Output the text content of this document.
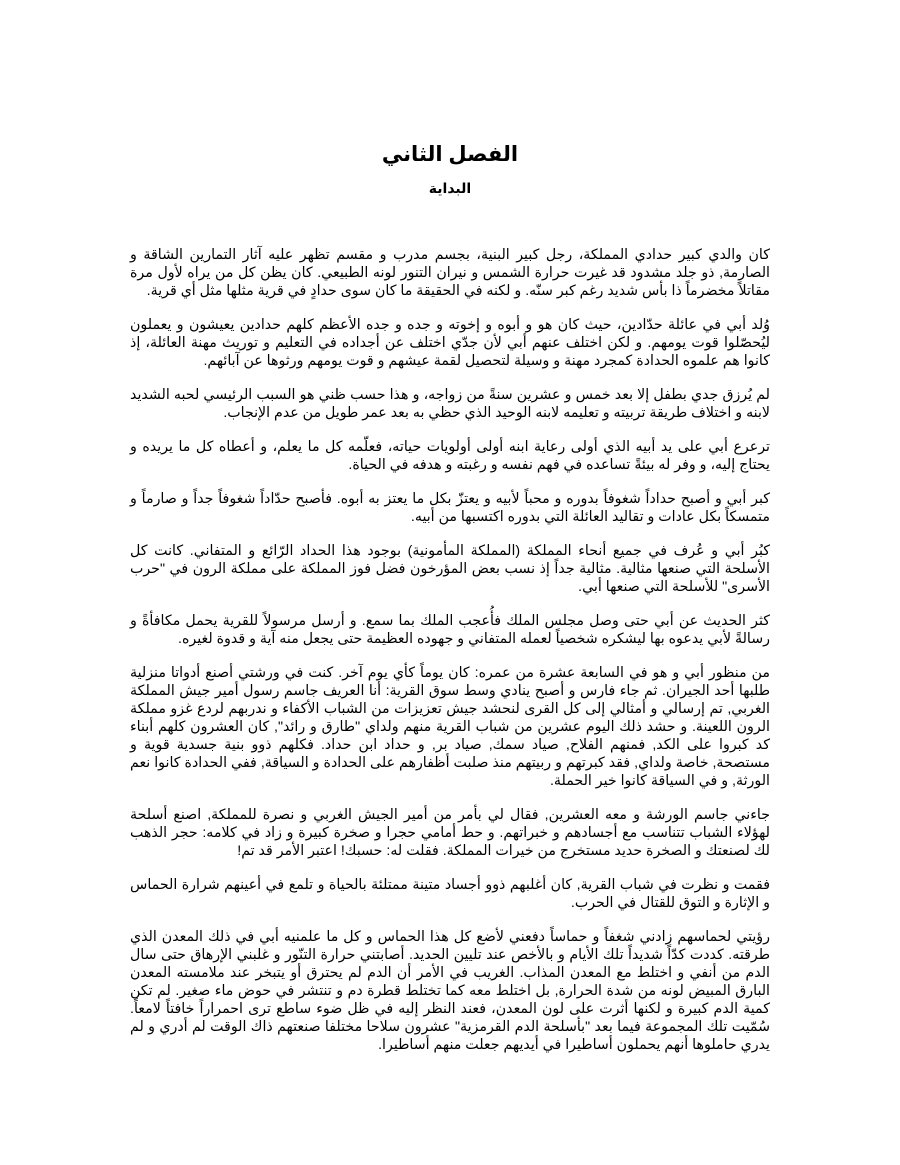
الفصل الثاني
البداية

كان والدي كبير حدادي المملكة، رجل كبير البنية، بجسم مدرب و مقسم تظهر عليه آثار التمارين الشاقة و الصارمة, ذو جلد مشدود قد غيرت حرارة الشمس و نيران التنور لونه الطبيعي. كان يظن كل من يراه لأول مرة مقاتلاً مخضرماً ذا بأس شديد رغم كبر سنّه. و لكنه في الحقيقة ما كان سوى حدادٍ في قرية مثلها مثل أي قرية.

وُلد أبي في عائلة حدّادين، حيث كان هو و أبوه و إخوته و جده و جده الأعظم كلهم حدادين يعيشون و يعملون ليُحصّلوا قوت يومهم. و لكن اختلف عنهم أبي لأن جدّي اختلف عن أجداده في التعليم و توريث مهنة العائلة، إذ كانوا هم علموه الحدادة كمجرد مهنة و وسيلة لتحصيل لقمة عيشهم و قوت يومهم ورثوها عن آبائهم.

لم يُرزق جدي بطفل إلا بعد خمس و عشرين سنةً من زواجه، و هذا حسب ظني هو السبب الرئيسي لحبه الشديد لابنه و اختلاف طريقة تربيته و تعليمه لابنه الوحيد الذي حظي به بعد عمر طويل من عدم الإنجاب.

ترعرع أبي على يد أبيه الذي أولى رعاية ابنه أولى أولويات حياته، فعلّمه كل ما يعلم، و أعطاه كل ما يريده و يحتاج إليه، و وفر له بيئةً تساعده في فهم نفسه و رغبته و هدفه في الحياة.

كبر أبي و أصبح حداداً شغوفاً بدوره و محباً لأبيه و يعتزّ بكل ما يعتز به أبوه. فأصبح حدّاداً شغوفاً جداً و صارماً و متمسكاً بكل عادات و تقاليد العائلة التي بدوره اكتسبها من أبيه.

كبُر أبي و عُرف في جميع أنحاء المملكة (المملكة المأمونية) بوجود هذا الحداد الرّائع و المتفاني. كانت كل الأسلحة التي صنعها مثالية. مثالية جداً إذ نسب بعض المؤرخون فضل فوز المملكة على مملكة الرون في "حرب الأسرى" للأسلحة التي صنعها أبي.

كثر الحديث عن أبي حتى وصل مجلس الملك فأُعجب الملك بما سمع. و أرسل مرسولاً للقرية يحمل مكافأةً و رسالةً لأبي يدعوه بها ليشكره شخصياً لعمله المتفاني و جهوده العظيمة حتى يجعل منه آية و قدوة لغيره.

من منظور أبي و هو في السابعة عشرة من عمره: كان يوماً كأي يوم آخر. كنت في ورشتي أصنع أدواتا منزلية طلبها أحد الجيران. ثم جاء فارس و أصبح ينادي وسط سوق القرية: أنا العريف جاسم رسول أمير جيش المملكة الغربي, تم إرسالي و أمثالي إلى كل القرى لنحشد جيش تعزيزات من الشباب الأكفاء و ندربهم لردع غزو مملكة الرون اللعينة. و حشد ذلك اليوم عشرين من شباب القرية منهم ولداي "طارق و رائد", كان العشرون كلهم أبناء كد كبروا على الكد, فمنهم الفلاح, صياد سمك, صياد بر, و حداد ابن حداد. فكلهم ذوو بنية جسدية قوية و مستصحة, خاصة ولداي, فقد كبرتهم و ربيتهم منذ صلبت أظفارهم على الحدادة و السياقة, ففي الحدادة كانوا نعم الورثة, و في السياقة كانوا خير الحملة.

جاءني جاسم الورشة و معه العشرين, فقال لي بأمر من أمير الجيش الغربي و نصرة للمملكة, اصنع أسلحة لهؤلاء الشباب تتناسب مع أجسادهم و خبراتهم. و حط أمامي حجرا و صخرة كبيرة و زاد في كلامه: حجر الذهب لك لصنعتك و الصخرة حديد مستخرج من خيرات المملكة. فقلت له: حسبك! اعتبر الأمر قد تم!

فقمت و نظرت في شباب القرية, كان أغلبهم ذوو أجساد متينة ممتلئة بالحياة و تلمع في أعينهم شرارة الحماس و الإثارة و التوق للقتال في الحرب.

رؤيتي لحماسهم زادني شغفاً و حماساً دفعني لأضع كل هذا الحماس و كل ما علمنيه أبي في ذلك المعدن الذي طرقته. كددت كدّاً شديداً تلك الأيام و بالأخص عند تليين الحديد. أصابتني حرارة التنّور و غلبني الإرهاق حتى سال الدم من أنفي و اختلط مع المعدن المذاب. الغريب في الأمر أن الدم لم يحترق أو يتبخر عند ملامسته المعدن البارق المبيض لونه من شدة الحرارة, بل اختلط معه كما تختلط قطرة دم و تنتشر في حوض ماء صغير. لم تكن كمية الدم كبيرة و لكنها أثرت على لون المعدن، فعند النظر إليه في ظل ضوء ساطع ترى احمراراً خافتاً لامعاً. سُمّيت تلك المجموعة فيما بعد "بأسلحة الدم القرمزية" عشرون سلاحا مختلفا صنعتهم ذاك الوقت لم أدري و لم يدري حاملوها أنهم يحملون أساطيرا في أيديهم جعلت منهم أساطيرا.
